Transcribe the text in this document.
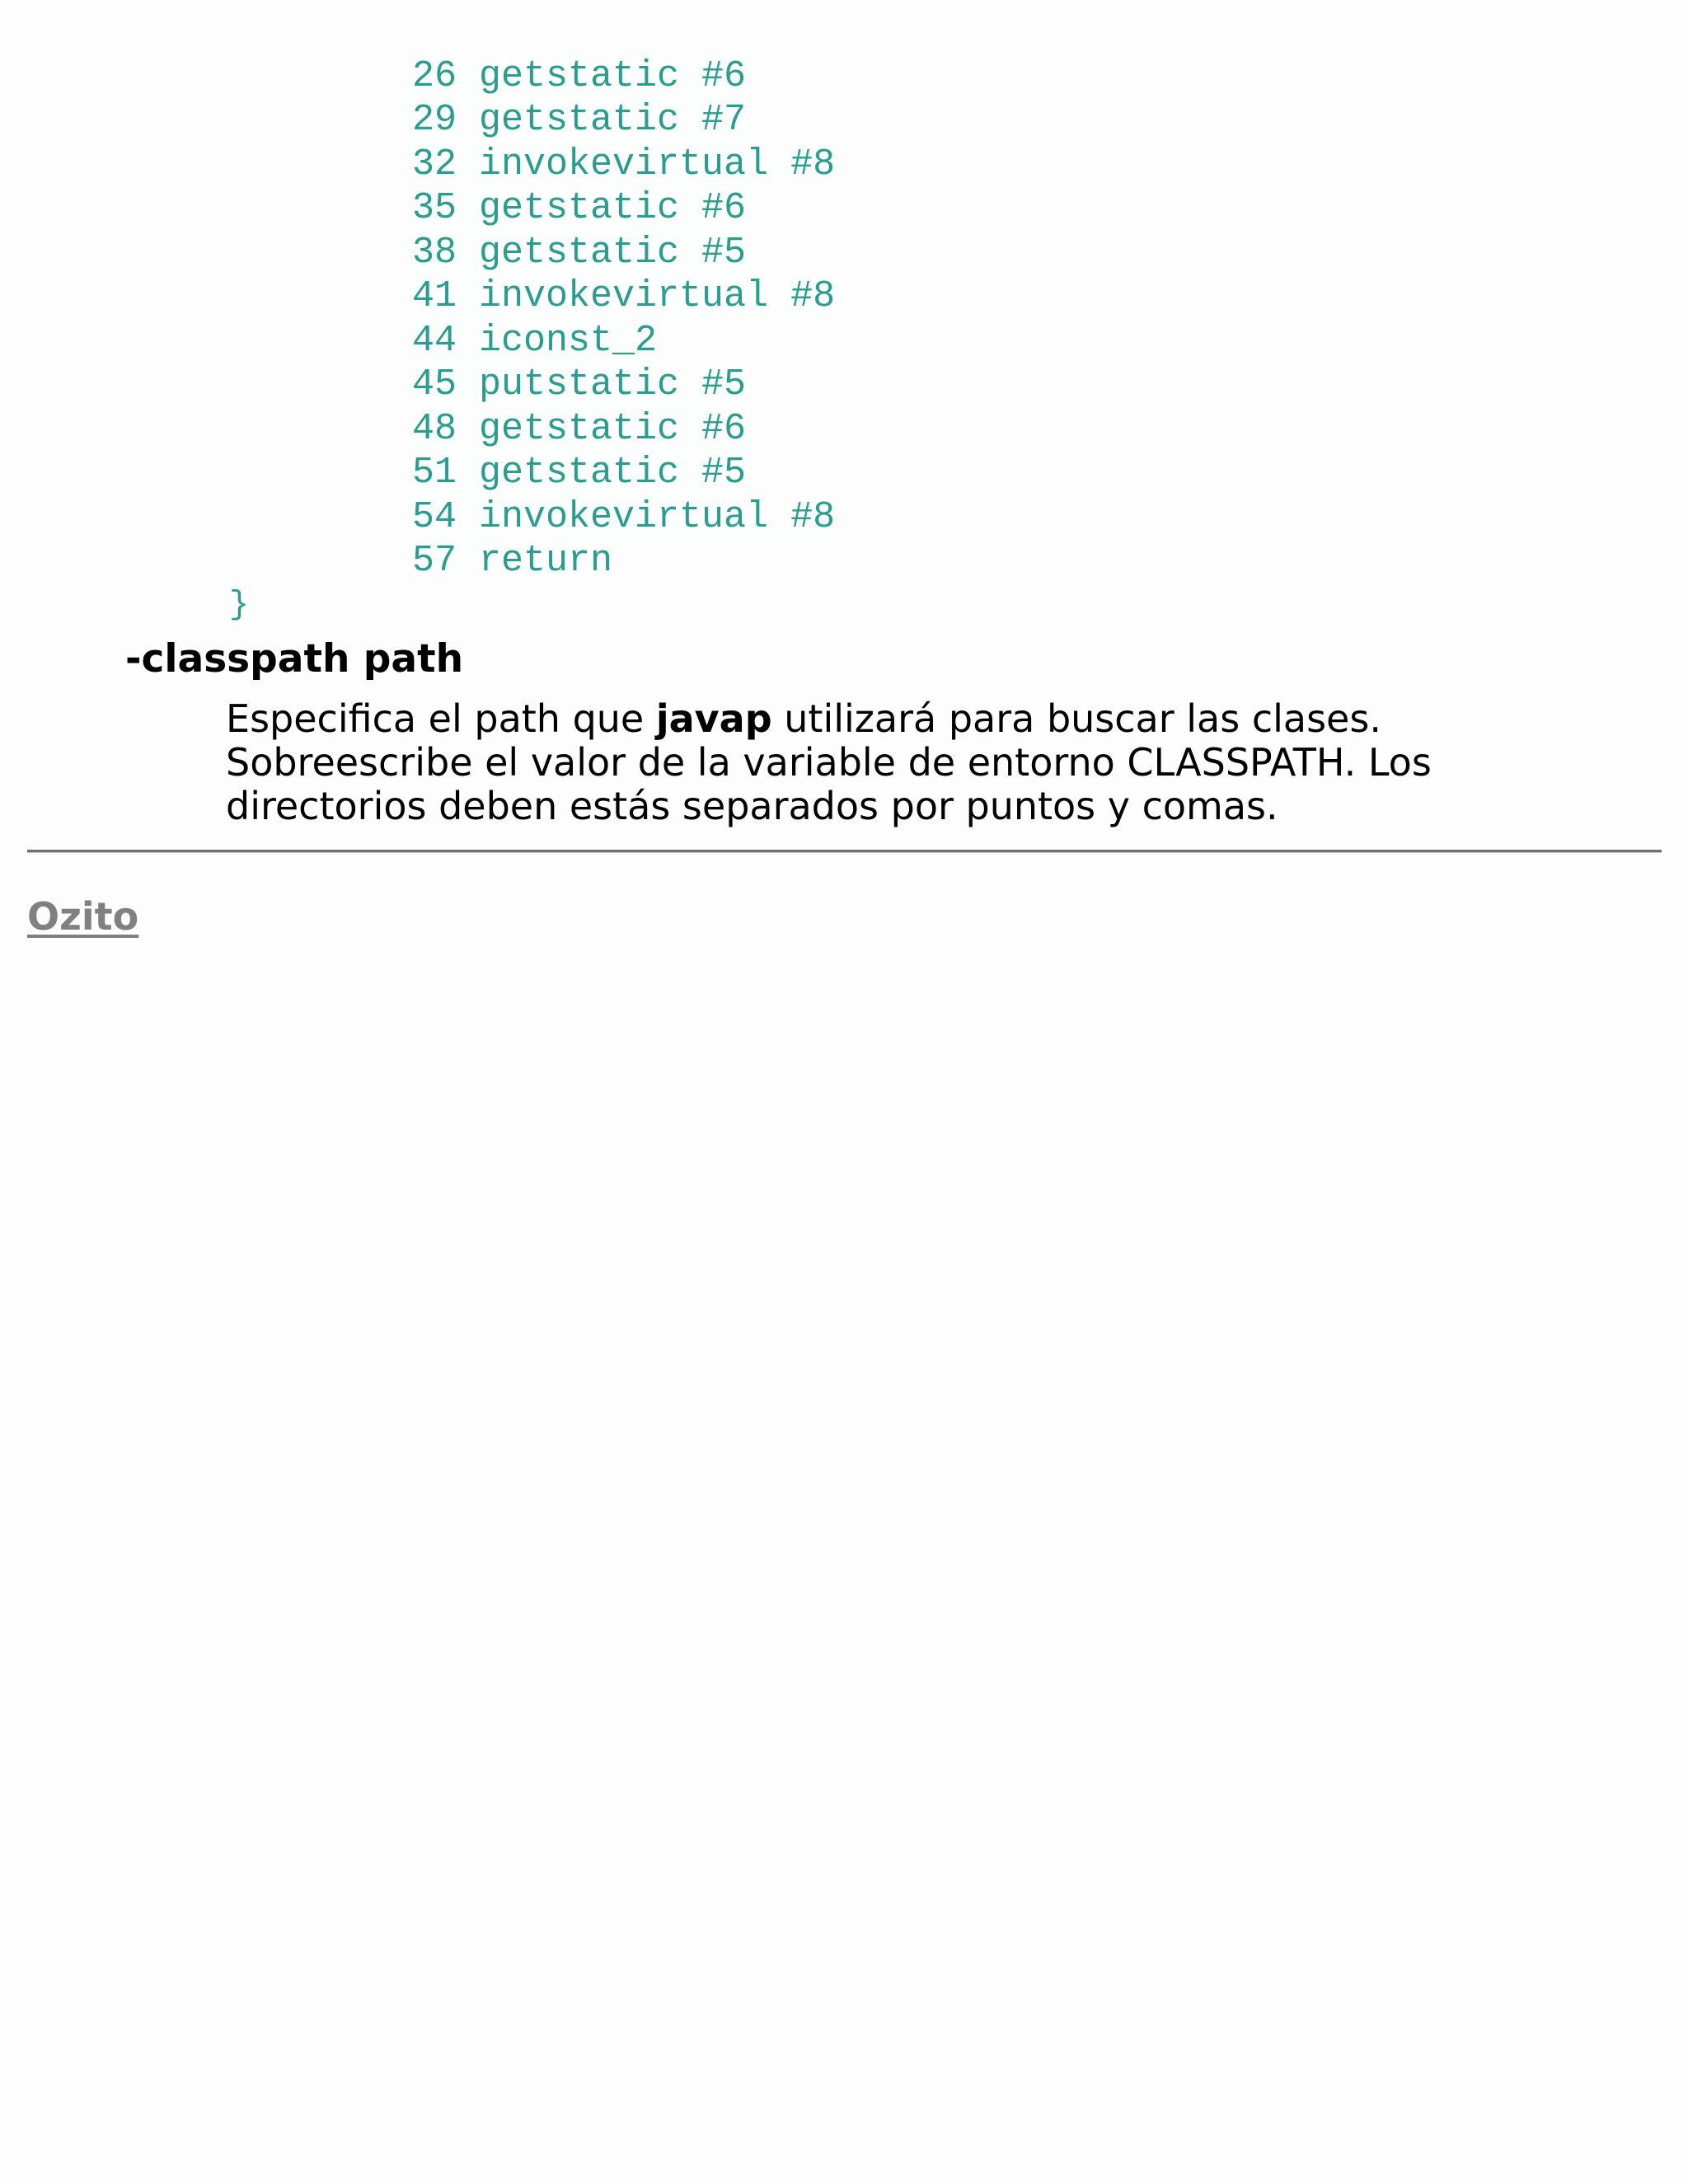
26 getstatic #6
29 getstatic #7
32 invokevirtual #8
35 getstatic #6
38 getstatic #5
41 invokevirtual #8
44 iconst_2
45 putstatic #5
48 getstatic #6
51 getstatic #5
54 invokevirtual #8
57 return
}
-classpath path
Especifica el path que javap utilizará para buscar las clases.
Sobreescribe el valor de la variable de entorno CLASSPATH. Los
directorios deben estás separados por puntos y comas.
Ozito
